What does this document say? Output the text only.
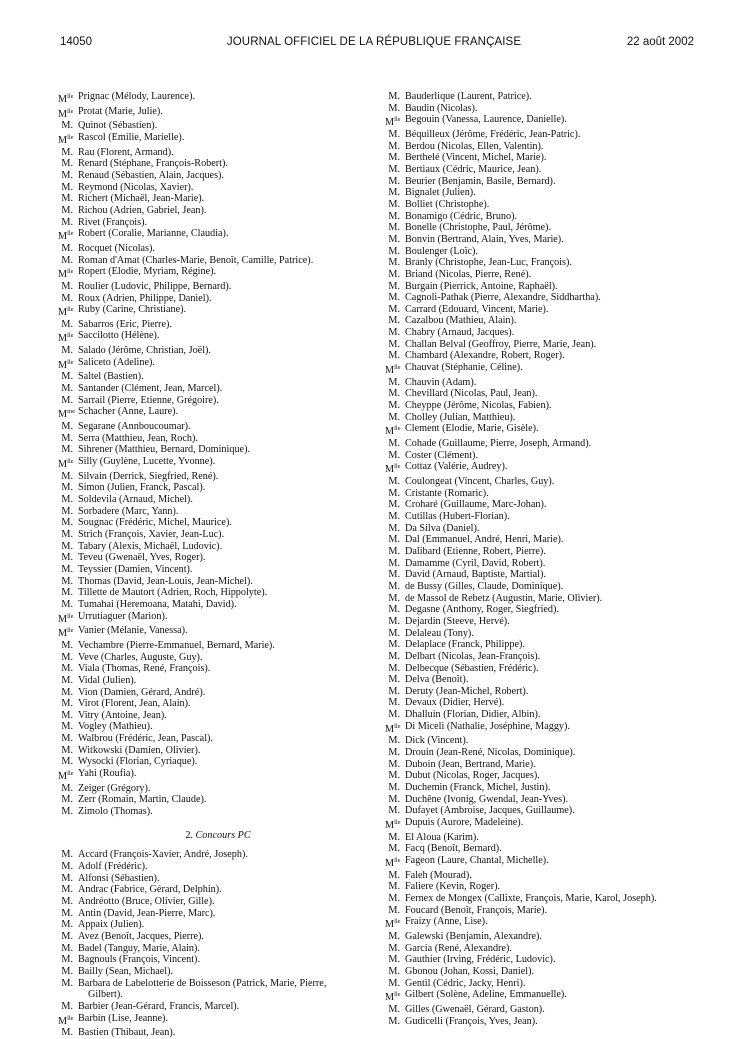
14050	JOURNAL OFFICIEL DE LA RÉPUBLIQUE FRANÇAISE	22 août 2002
$M^{lle}$ Prignac (Mélody, Laurence).
$M^{lle}$ Protat (Marie, Julie).
M. Quinot (Sébastien).
$M^{lle}$ Rascol (Emilie, Marielle).
M. Rau (Florent, Armand).
M. Renard (Stéphane, François-Robert).
M. Renaud (Sébastien, Alain, Jacques).
M. Reymond (Nicolas, Xavier).
M. Richert (Michaël, Jean-Marie).
M. Richou (Adrien, Gabriel, Jean).
M. Rivet (François).
$M^{lle}$ Robert (Coralie, Marianne, Claudia).
M. Rocquet (Nicolas).
M. Roman d'Amat (Charles-Marie, Benoît, Camille, Patrice).
$M^{lle}$ Ropert (Elodie, Myriam, Régine).
M. Roulier (Ludovic, Philippe, Bernard).
M. Roux (Adrien, Philippe, Daniel).
$M^{lle}$ Ruby (Carine, Christiane).
M. Sabarros (Eric, Pierre).
$M^{lle}$ Saccilotto (Hélène).
M. Salado (Jérôme, Christian, Joël).
$M^{lle}$ Saliceto (Adeline).
M. Saltel (Bastien).
M. Santander (Clément, Jean, Marcel).
M. Sarrail (Pierre, Etienne, Grégoire).
$M^{me}$ Schacher (Anne, Laure).
M. Segarane (Annboucoumar).
M. Serra (Matthieu, Jean, Roch).
M. Sihrener (Matthieu, Bernard, Dominique).
$M^{lle}$ Silly (Guylène, Lucette, Yvonne).
M. Silvain (Derrick, Siegfried, René).
M. Simon (Julien, Franck, Pascal).
M. Soldevila (Arnaud, Michel).
M. Sorbadere (Marc, Yann).
M. Sougnac (Frédéric, Michel, Maurice).
M. Strich (François, Xavier, Jean-Luc).
M. Tabary (Alexis, Michaël, Ludovic).
M. Teveu (Gwenaël, Yves, Roger).
M. Teyssier (Damien, Vincent).
M. Thomas (David, Jean-Louis, Jean-Michel).
M. Tillette de Mautort (Adrien, Roch, Hippolyte).
M. Tumahai (Heremoana, Matahi, David).
$M^{lle}$ Urrutiaguer (Marion).
$M^{lle}$ Vanier (Mélanie, Vanessa).
M. Vechambre (Pierre-Emmanuel, Bernard, Marie).
M. Veve (Charles, Auguste, Guy).
M. Viala (Thomas, René, François).
M. Vidal (Julien).
M. Vion (Damien, Gérard, André).
M. Virot (Florent, Jean, Alain).
M. Vitry (Antoine, Jean).
M. Vogley (Mathieu).
M. Walbrou (Frédéric, Jean, Pascal).
M. Witkowski (Damien, Olivier).
M. Wysocki (Florian, Cyriaque).
$M^{lle}$ Yahi (Roufia).
M. Zeiger (Grégory).
M. Zerr (Romain, Martin, Claude).
M. Zimolo (Thomas).
2. Concours PC
M. Accard (François-Xavier, André, Joseph).
M. Adolf (Frédéric).
M. Alfonsi (Sébastien).
M. Andrac (Fabrice, Gérard, Delphin).
M. Andréotto (Bruce, Olivier, Gille).
M. Antin (David, Jean-Pierre, Marc).
M. Appaix (Julien).
M. Avez (Benoît, Jacques, Pierre).
M. Badel (Tanguy, Marie, Alain).
M. Bagnouls (François, Vincent).
M. Bailly (Sean, Michael).
M. Barbara de Labelotterie de Boisseson (Patrick, Marie, Pierre,
Gilbert).
M. Barbier (Jean-Gérard, Francis, Marcel).
$M^{lle}$ Barbin (Lise, Jeanne).
M. Bastien (Thibaut, Jean).
M. Bauderlique (Laurent, Patrice).
M. Baudin (Nicolas).
$M^{lle}$ Begouin (Vanessa, Laurence, Danielle).
M. Béquilleux (Jérôme, Frédéric, Jean-Patric).
M. Berdou (Nicolas, Ellen, Valentin).
M. Berthelé (Vincent, Michel, Marie).
M. Bertiaux (Cédric, Maurice, Jean).
M. Beurier (Benjamin, Basile, Bernard).
M. Bignalet (Julien).
M. Bolliet (Christophe).
M. Bonamigo (Cédric, Bruno).
M. Bonelle (Christophe, Paul, Jérôme).
M. Bonvin (Bertrand, Alain, Yves, Marie).
M. Boulenger (Loïc).
M. Branly (Christophe, Jean-Luc, François).
M. Briand (Nicolas, Pierre, René).
M. Burgain (Pierrick, Antoine, Raphaël).
M. Cagnoli-Pathak (Pierre, Alexandre, Siddhartha).
M. Carrard (Edouard, Vincent, Marie).
M. Cazalbou (Mathieu, Alain).
M. Chabry (Arnaud, Jacques).
M. Challan Belval (Geoffroy, Pierre, Marie, Jean).
M. Chambard (Alexandre, Robert, Roger).
$M^{lle}$ Chauvat (Stéphanie, Céline).
M. Chauvin (Adam).
M. Chevillard (Nicolas, Paul, Jean).
M. Cheyppe (Jérôme, Nicolas, Fabien).
M. Cholley (Julian, Matthieu).
$M^{lle}$ Clement (Elodie, Marie, Gisèle).
M. Cohade (Guillaume, Pierre, Joseph, Armand).
M. Coster (Clément).
$M^{lle}$ Cottaz (Valérie, Audrey).
M. Coulongeat (Vincent, Charles, Guy).
M. Cristante (Romaric).
M. Croharé (Guillaume, Marc-Johan).
M. Cutillas (Hubert-Florian).
M. Da Silva (Daniel).
M. Dal (Emmanuel, André, Henri, Marie).
M. Dalibard (Etienne, Robert, Pierre).
M. Damamme (Cyril, David, Robert).
M. David (Arnaud, Baptiste, Martial).
M. de Bussy (Gilles, Claude, Dominique).
M. de Massol de Rebetz (Augustin, Marie, Olivier).
M. Degasne (Anthony, Roger, Siegfried).
M. Dejardin (Steeve, Hervé).
M. Delaleau (Tony).
M. Delaplace (Franck, Philippe).
M. Delbart (Nicolas, Jean-François).
M. Delbecque (Sébastien, Frédéric).
M. Delva (Benoît).
M. Deruty (Jean-Michel, Robert).
M. Devaux (Didier, Hervé).
M. Dhalluin (Florian, Didier, Albin).
$M^{lle}$ Di Miceli (Nathalie, Joséphine, Maggy).
M. Dick (Vincent).
M. Drouin (Jean-René, Nicolas, Dominique).
M. Duboin (Jean, Bertrand, Marie).
M. Dubut (Nicolas, Roger, Jacques).
M. Duchemin (Franck, Michel, Justin).
M. Duchêne (Ivonig, Gwendal, Jean-Yves).
M. Dufayet (Ambroise, Jacques, Guillaume).
$M^{lle}$ Dupuis (Aurore, Madeleine).
M. El Aloua (Karim).
M. Facq (Benoît, Bernard).
$M^{lle}$ Fageon (Laure, Chantal, Michelle).
M. Faleh (Mourad).
M. Faliere (Kevin, Roger).
M. Fernex de Mongex (Callixte, François, Marie, Karol, Joseph).
M. Foucard (Benoît, François, Marie).
$M^{lle}$ Fraizy (Anne, Lise).
M. Galewski (Benjamin, Alexandre).
M. Garcia (René, Alexandre).
M. Gauthier (Irving, Frédéric, Ludovic).
M. Gbonou (Johan, Kossi, Daniel).
M. Gentil (Cédric, Jacky, Henri).
$M^{lle}$ Gilbert (Solène, Adeline, Emmanuelle).
M. Gilles (Gwenaël, Gérard, Gaston).
M. Gudicelli (François, Yves, Jean).
